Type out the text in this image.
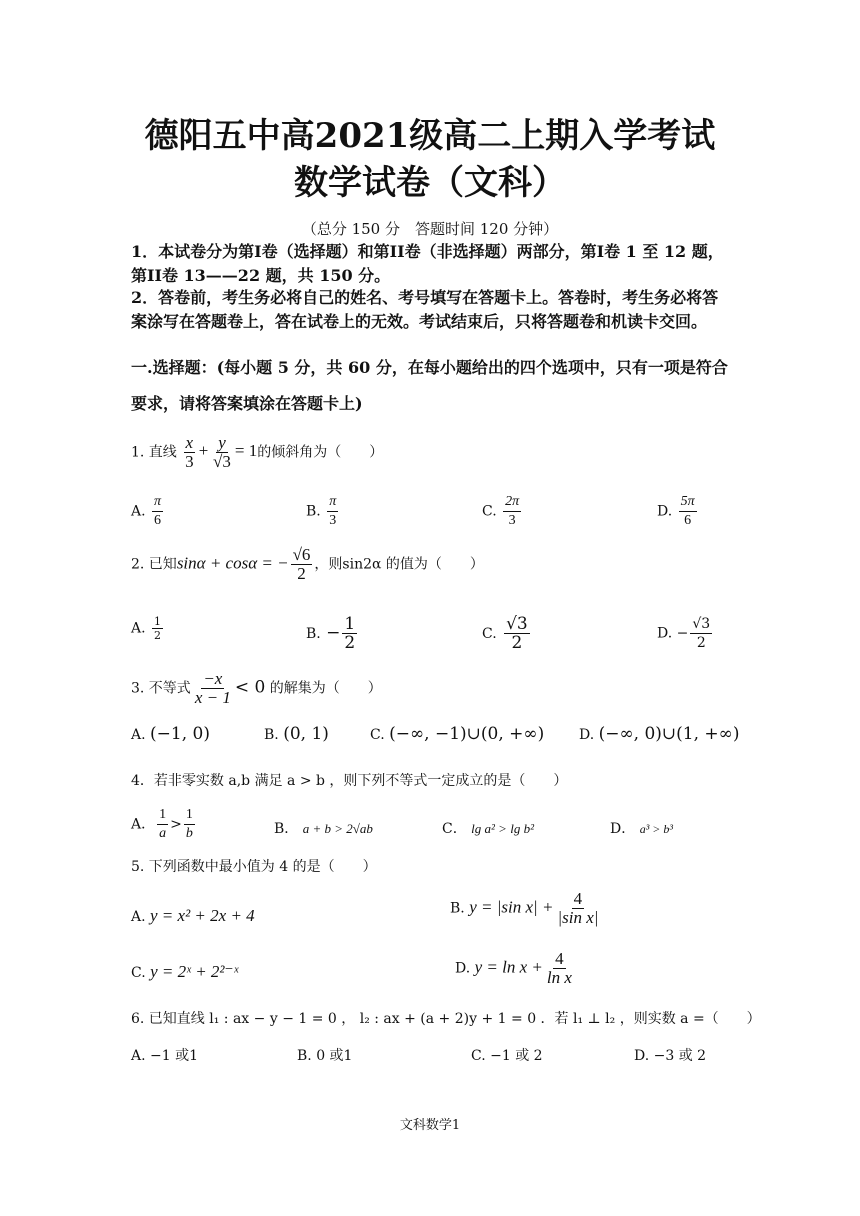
德阳五中高2021级高二上期入学考试
数学试卷（文科）
（总分 150 分　答题时间 120 分钟）
1．本试卷分为第I卷（选择题）和第II卷（非选择题）两部分，第I卷 1 至 12 题，第II卷 13——22 题，共 150 分。
2．答卷前，考生务必将自己的姓名、考号填写在答题卡上。答卷时，考生务必将答案涂写在答题卷上，答在试卷上的无效。考试结束后，只将答题卷和机读卡交回。
一.选择题：(每小题 5 分，共 60 分，在每小题给出的四个选项中，只有一项是符合要求，请将答案填涂在答题卡上)
1. 直线 $\frac{x}{3} + \frac{y}{√3} = 1$的倾斜角为（　　）
A. $\frac{\pi}{6}$	B. $\frac{\pi}{3}$	C. $\frac{2\pi}{3}$	D. $\frac{5\pi}{6}$
2. 已知sinα + cosα = − $\frac{√6}{2}$ ，则sin2α 的值为（　　）
A. $\frac{1}{2}$	B. − $\frac{1}{2}$	C. $\frac{√3}{2}$	D. − $\frac{√3}{2}$
3. 不等式 $\frac{-x}{x - 1} < 0$ 的解集为（　　）
A. (−1, 0)	B. (0, 1)	C. (−∞, −1)∪(0, +∞) D. (−∞, 0)∪(1, +∞)
4．若非零实数 a,b 满足 a > b ，则下列不等式一定成立的是（　　）
A． $\frac{1}{a} > \frac{1}{b}$	B． a + b > 2√ab	C． lg a² > lg b²	D． a³ > b³
5. 下列函数中最小值为 4 的是（　　）
A. y = x² + 2x + 4	B. y = |sin $x| + \frac{4}{\text{|sin x|}}$
C. y = 2ˣ + 2²⁻ˣ	D. $y = \ln x + \frac{4}{\text{ln x}}$
6. 已知直线 l₁ : ax − y − 1 = 0 ， l₂ : ax + (a + 2)y + 1 = 0 ．若 l₁ ⊥ l₂ ，则实数 a =（　　）
A. −1 或1	B. 0 或1	C. −1 或 2	D. −3 或 2
文科数学1
